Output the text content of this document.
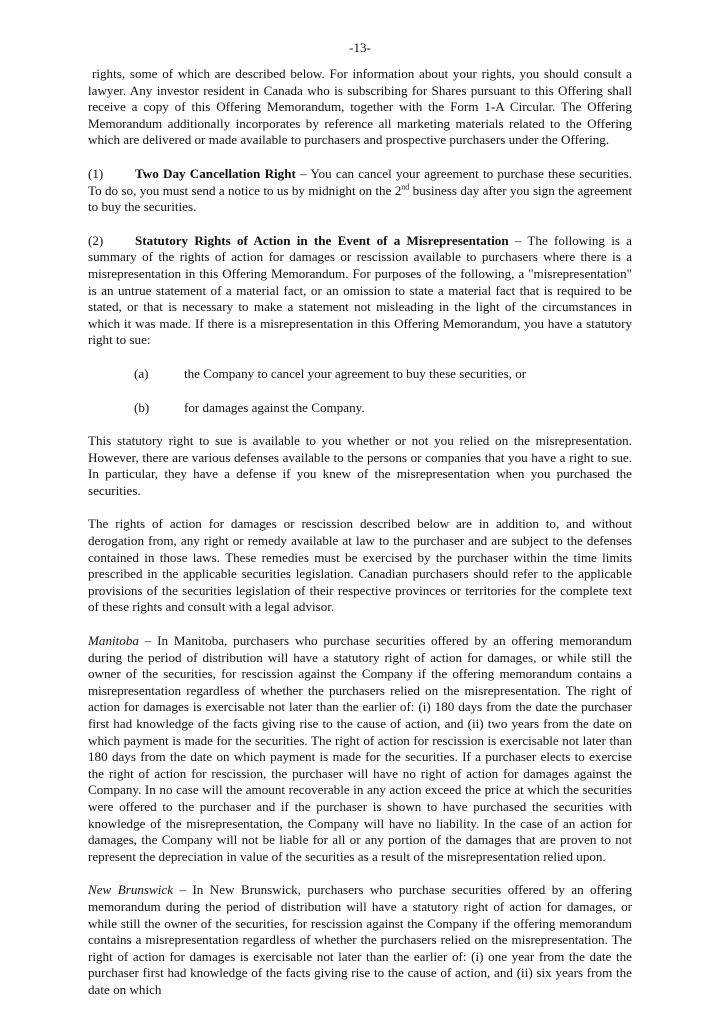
-13-

rights, some of which are described below. For information about your rights, you should consult a lawyer. Any investor resident in Canada who is subscribing for Shares pursuant to this Offering shall receive a copy of this Offering Memorandum, together with the Form 1-A Circular. The Offering Memorandum additionally incorporates by reference all marketing materials related to the Offering which are delivered or made available to purchasers and prospective purchasers under the Offering.

(1) Two Day Cancellation Right – You can cancel your agreement to purchase these securities. To do so, you must send a notice to us by midnight on the 2nd business day after you sign the agreement to buy the securities.

(2) Statutory Rights of Action in the Event of a Misrepresentation – The following is a summary of the rights of action for damages or rescission available to purchasers where there is a misrepresentation in this Offering Memorandum. For purposes of the following, a "misrepresentation" is an untrue statement of a material fact, or an omission to state a material fact that is required to be stated, or that is necessary to make a statement not misleading in the light of the circumstances in which it was made. If there is a misrepresentation in this Offering Memorandum, you have a statutory right to sue:

(a)	the Company to cancel your agreement to buy these securities, or
(b)	for damages against the Company.

This statutory right to sue is available to you whether or not you relied on the misrepresentation. However, there are various defenses available to the persons or companies that you have a right to sue. In particular, they have a defense if you knew of the misrepresentation when you purchased the securities.

The rights of action for damages or rescission described below are in addition to, and without derogation from, any right or remedy available at law to the purchaser and are subject to the defenses contained in those laws. These remedies must be exercised by the purchaser within the time limits prescribed in the applicable securities legislation. Canadian purchasers should refer to the applicable provisions of the securities legislation of their respective provinces or territories for the complete text of these rights and consult with a legal advisor.

Manitoba – In Manitoba, purchasers who purchase securities offered by an offering memorandum during the period of distribution will have a statutory right of action for damages, or while still the owner of the securities, for rescission against the Company if the offering memorandum contains a misrepresentation regardless of whether the purchasers relied on the misrepresentation. The right of action for damages is exercisable not later than the earlier of: (i) 180 days from the date the purchaser first had knowledge of the facts giving rise to the cause of action, and (ii) two years from the date on which payment is made for the securities. The right of action for rescission is exercisable not later than 180 days from the date on which payment is made for the securities. If a purchaser elects to exercise the right of action for rescission, the purchaser will have no right of action for damages against the Company. In no case will the amount recoverable in any action exceed the price at which the securities were offered to the purchaser and if the purchaser is shown to have purchased the securities with knowledge of the misrepresentation, the Company will have no liability. In the case of an action for damages, the Company will not be liable for all or any portion of the damages that are proven to not represent the depreciation in value of the securities as a result of the misrepresentation relied upon.

New Brunswick – In New Brunswick, purchasers who purchase securities offered by an offering memorandum during the period of distribution will have a statutory right of action for damages, or while still the owner of the securities, for rescission against the Company if the offering memorandum contains a misrepresentation regardless of whether the purchasers relied on the misrepresentation. The right of action for damages is exercisable not later than the earlier of: (i) one year from the date the purchaser first had knowledge of the facts giving rise to the cause of action, and (ii) six years from the date on which
